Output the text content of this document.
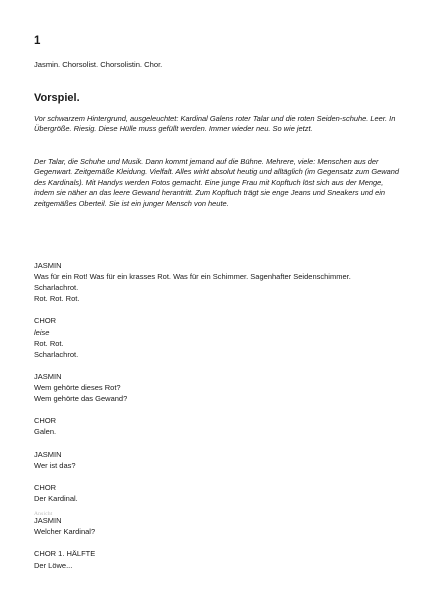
1
Jasmin. Chorsolist. Chorsolistin. Chor.
Vorspiel.

Vor schwarzem Hintergrund, ausgeleuchtet: Kardinal Galens roter Talar und die roten Seiden-schuhe. Leer. In Übergröße. Riesig. Diese Hülle muss gefüllt werden. Immer wieder neu. So wie jetzt.

Der Talar, die Schuhe und Musik. Dann kommt jemand auf die Bühne. Mehrere, viele: Menschen aus der Gegenwart. Zeitgemäße Kleidung. Vielfalt. Alles wirkt absolut heutig und alltäglich (im Gegensatz zum Gewand des Kardinals). Mit Handys werden Fotos gemacht. Eine junge Frau mit Kopftuch löst sich aus der Menge, indem sie näher an das leere Gewand herantritt. Zum Kopftuch trägt sie enge Jeans und Sneakers und ein zeitgemäßes Oberteil. Sie ist ein junger Mensch von heute.

JASMIN

Was für ein Rot! Was für ein krasses Rot. Was für ein Schimmer. Sagenhafter Seidenschimmer.

Scharlachrot.

Rot. Rot. Rot.

CHOR

leise

Rot. Rot.

Scharlachrot.

JASMIN

Wem gehörte dieses Rot?

Wem gehörte das Gewand?

CHOR

Galen.

JASMIN

Wer ist das?

CHOR

Der Kardinal.

JASMIN

Welcher Kardinal?

CHOR 1. HÄLFTE

Der Löwe...

Ansicht
